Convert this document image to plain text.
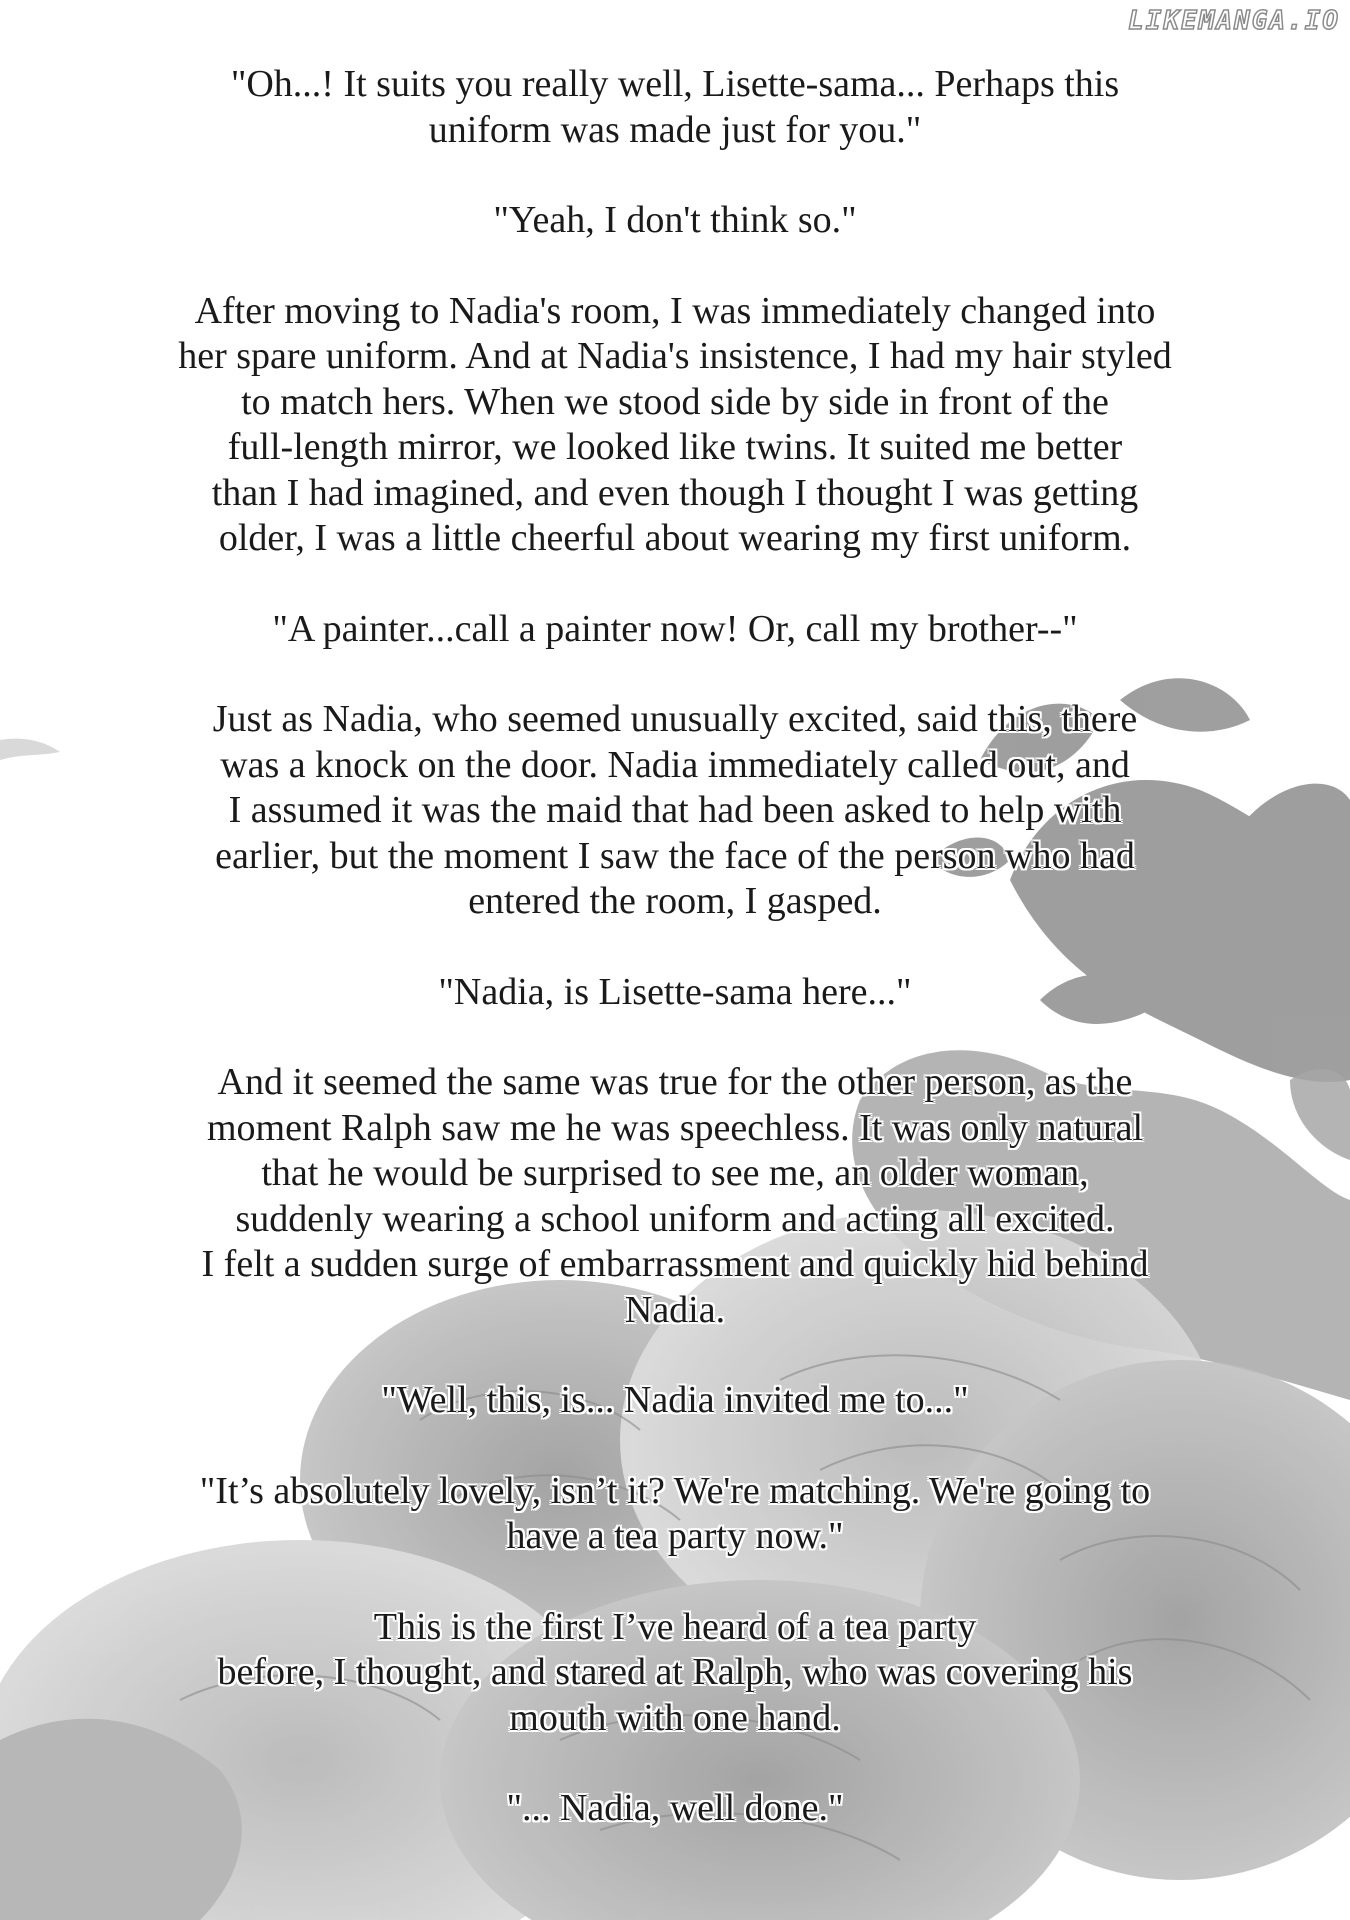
LIKEMANGA.IO

"Oh...! It suits you really well, Lisette-sama... Perhaps this
uniform was made just for you."

"Yeah, I don't think so."

After moving to Nadia's room, I was immediately changed into
her spare uniform. And at Nadia's insistence, I had my hair styled
to match hers. When we stood side by side in front of the
full-length mirror, we looked like twins. It suited me better
than I had imagined, and even though I thought I was getting
older, I was a little cheerful about wearing my first uniform.

"A painter...call a painter now! Or, call my brother--"

Just as Nadia, who seemed unusually excited, said this, there
was a knock on the door. Nadia immediately called out, and
I assumed it was the maid that had been asked to help with
earlier, but the moment I saw the face of the person who had
entered the room, I gasped.

"Nadia, is Lisette-sama here..."

And it seemed the same was true for the other person, as the
moment Ralph saw me he was speechless. It was only natural
that he would be surprised to see me, an older woman,
suddenly wearing a school uniform and acting all excited.
I felt a sudden surge of embarrassment and quickly hid behind
Nadia.

"Well, this, is... Nadia invited me to..."

"It’s absolutely lovely, isn’t it? We're matching. We're going to
have a tea party now."

This is the first I’ve heard of a tea party
before, I thought, and stared at Ralph, who was covering his
mouth with one hand.

"... Nadia, well done."
